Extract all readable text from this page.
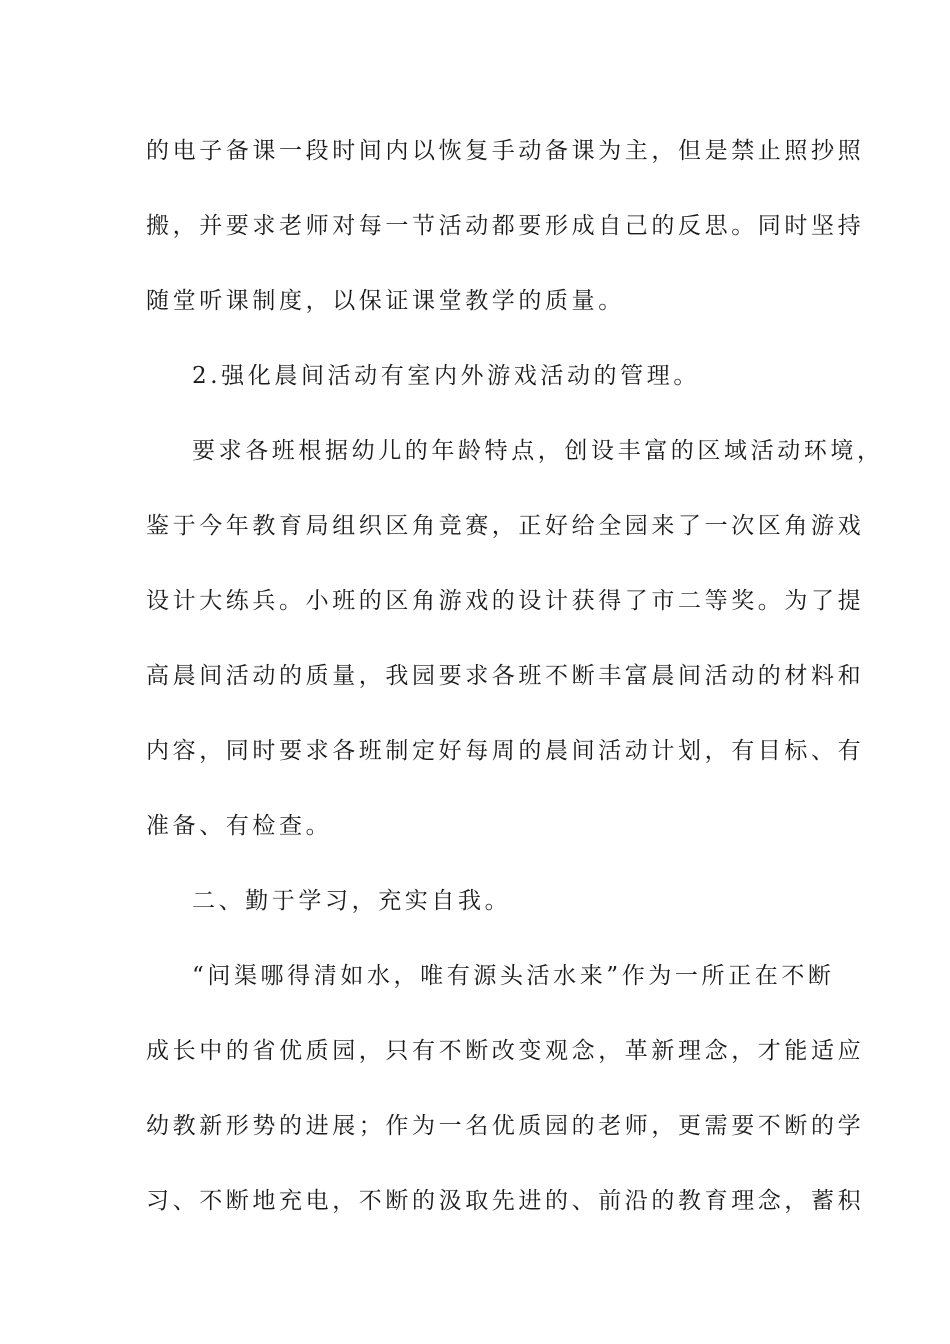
的电子备课一段时间内以恢复手动备课为主，但是禁止照抄照
搬，并要求老师对每一节活动都要形成自己的反思。同时坚持
随堂听课制度，以保证课堂教学的质量。
2.强化晨间活动有室内外游戏活动的管理。
要求各班根据幼儿的年龄特点，创设丰富的区域活动环境，
鉴于今年教育局组织区角竞赛，正好给全园来了一次区角游戏
设计大练兵。小班的区角游戏的设计获得了市二等奖。为了提
高晨间活动的质量，我园要求各班不断丰富晨间活动的材料和
内容，同时要求各班制定好每周的晨间活动计划，有目标、有
准备、有检查。
二、勤于学习，充实自我。
“问渠哪得清如水，唯有源头活水来”作为一所正在不断
成长中的省优质园，只有不断改变观念，革新理念，才能适应
幼教新形势的进展；作为一名优质园的老师，更需要不断的学
习、不断地充电，不断的汲取先进的、前沿的教育理念，蓄积
